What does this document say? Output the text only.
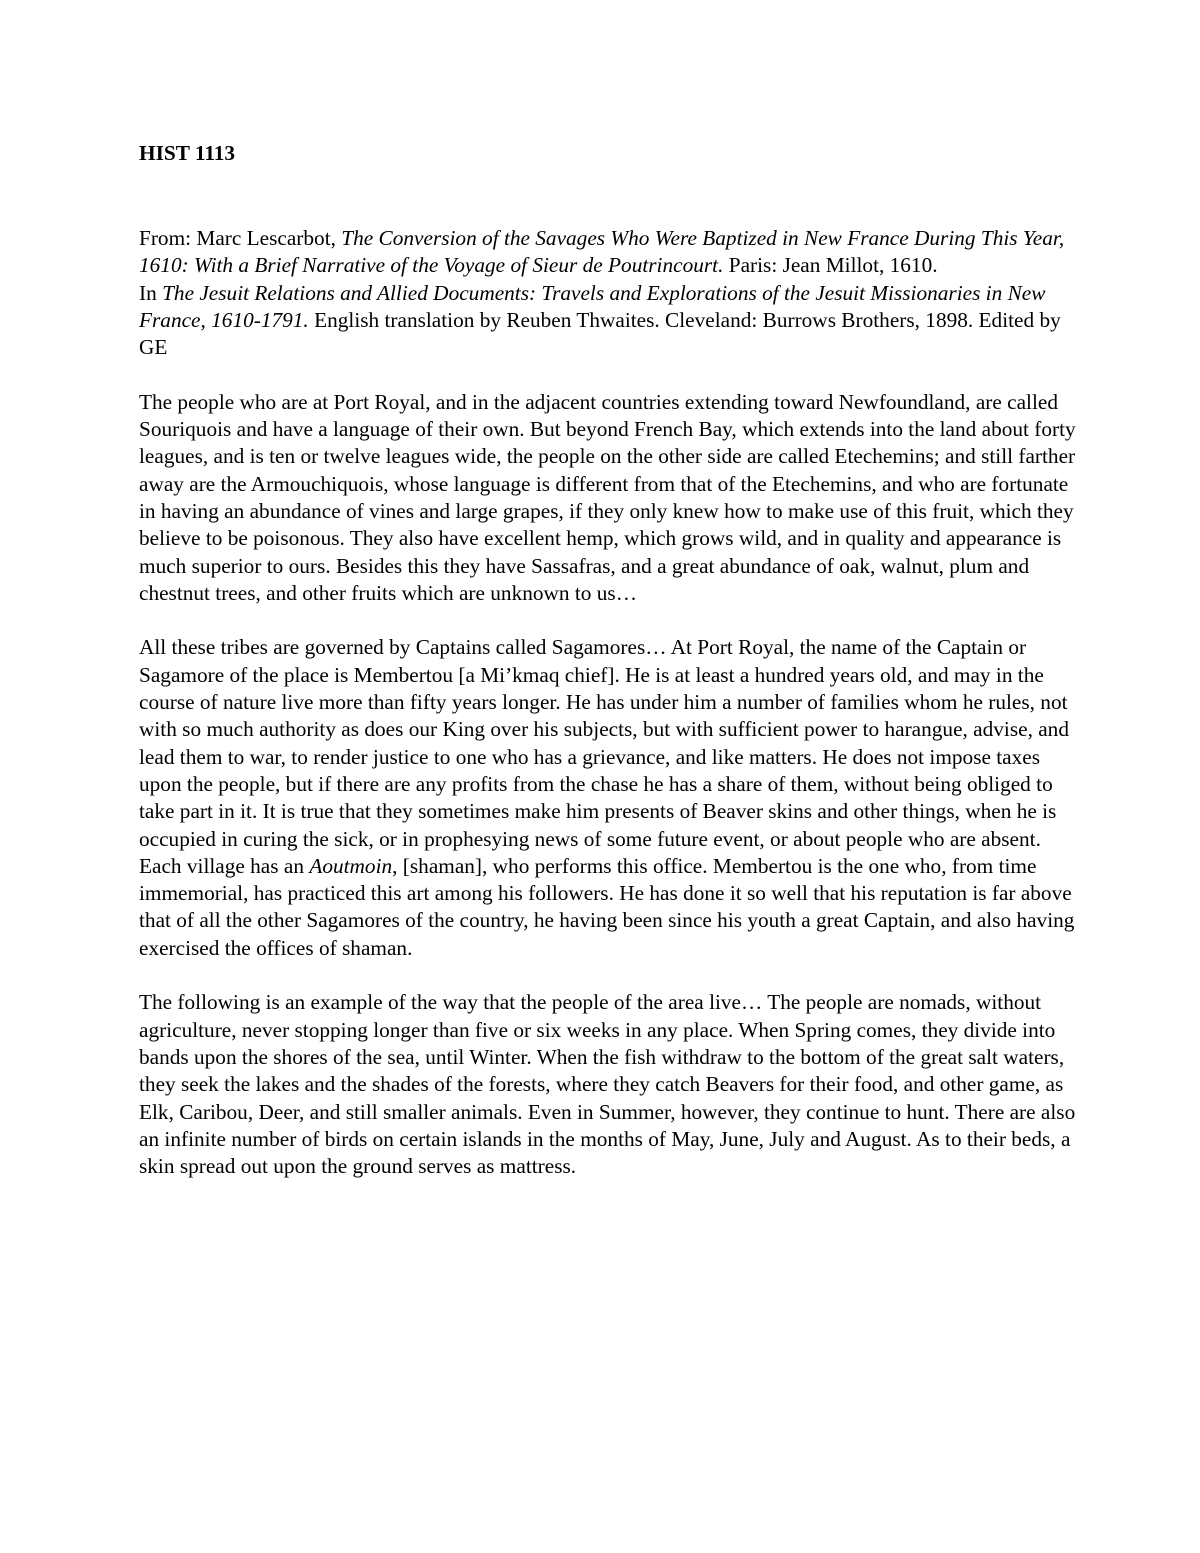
HIST 1113

From: Marc Lescarbot, The Conversion of the Savages Who Were Baptized in New France During This Year, 1610: With a Brief Narrative of the Voyage of Sieur de Poutrincourt. Paris: Jean Millot, 1610.

In The Jesuit Relations and Allied Documents: Travels and Explorations of the Jesuit Missionaries in New France, 1610-1791. English translation by Reuben Thwaites. Cleveland: Burrows Brothers, 1898. Edited by GE

The people who are at Port Royal, and in the adjacent countries extending toward Newfoundland, are called Souriquois and have a language of their own. But beyond French Bay, which extends into the land about forty leagues, and is ten or twelve leagues wide, the people on the other side are called Etechemins; and still farther away are the Armouchiquois, whose language is different from that of the Etechemins, and who are fortunate in having an abundance of vines and large grapes, if they only knew how to make use of this fruit, which they believe to be poisonous. They also have excellent hemp, which grows wild, and in quality and appearance is much superior to ours. Besides this they have Sassafras, and a great abundance of oak, walnut, plum and chestnut trees, and other fruits which are unknown to us…

All these tribes are governed by Captains called Sagamores… At Port Royal, the name of the Captain or Sagamore of the place is Membertou [a Mi’kmaq chief]. He is at least a hundred years old, and may in the course of nature live more than fifty years longer. He has under him a number of families whom he rules, not with so much authority as does our King over his subjects, but with sufficient power to harangue, advise, and lead them to war, to render justice to one who has a grievance, and like matters. He does not impose taxes upon the people, but if there are any profits from the chase he has a share of them, without being obliged to take part in it. It is true that they sometimes make him presents of Beaver skins and other things, when he is occupied in curing the sick, or in prophesying news of some future event, or about people who are absent. Each village has an Aoutmoin, [shaman], who performs this office. Membertou is the one who, from time immemorial, has practiced this art among his followers. He has done it so well that his reputation is far above that of all the other Sagamores of the country, he having been since his youth a great Captain, and also having exercised the offices of shaman.

The following is an example of the way that the people of the area live… The people are nomads, without agriculture, never stopping longer than five or six weeks in any place. When Spring comes, they divide into bands upon the shores of the sea, until Winter. When the fish withdraw to the bottom of the great salt waters, they seek the lakes and the shades of the forests, where they catch Beavers for their food, and other game, as Elk, Caribou, Deer, and still smaller animals. Even in Summer, however, they continue to hunt. There are also an infinite number of birds on certain islands in the months of May, June, July and August. As to their beds, a skin spread out upon the ground serves as mattress.
